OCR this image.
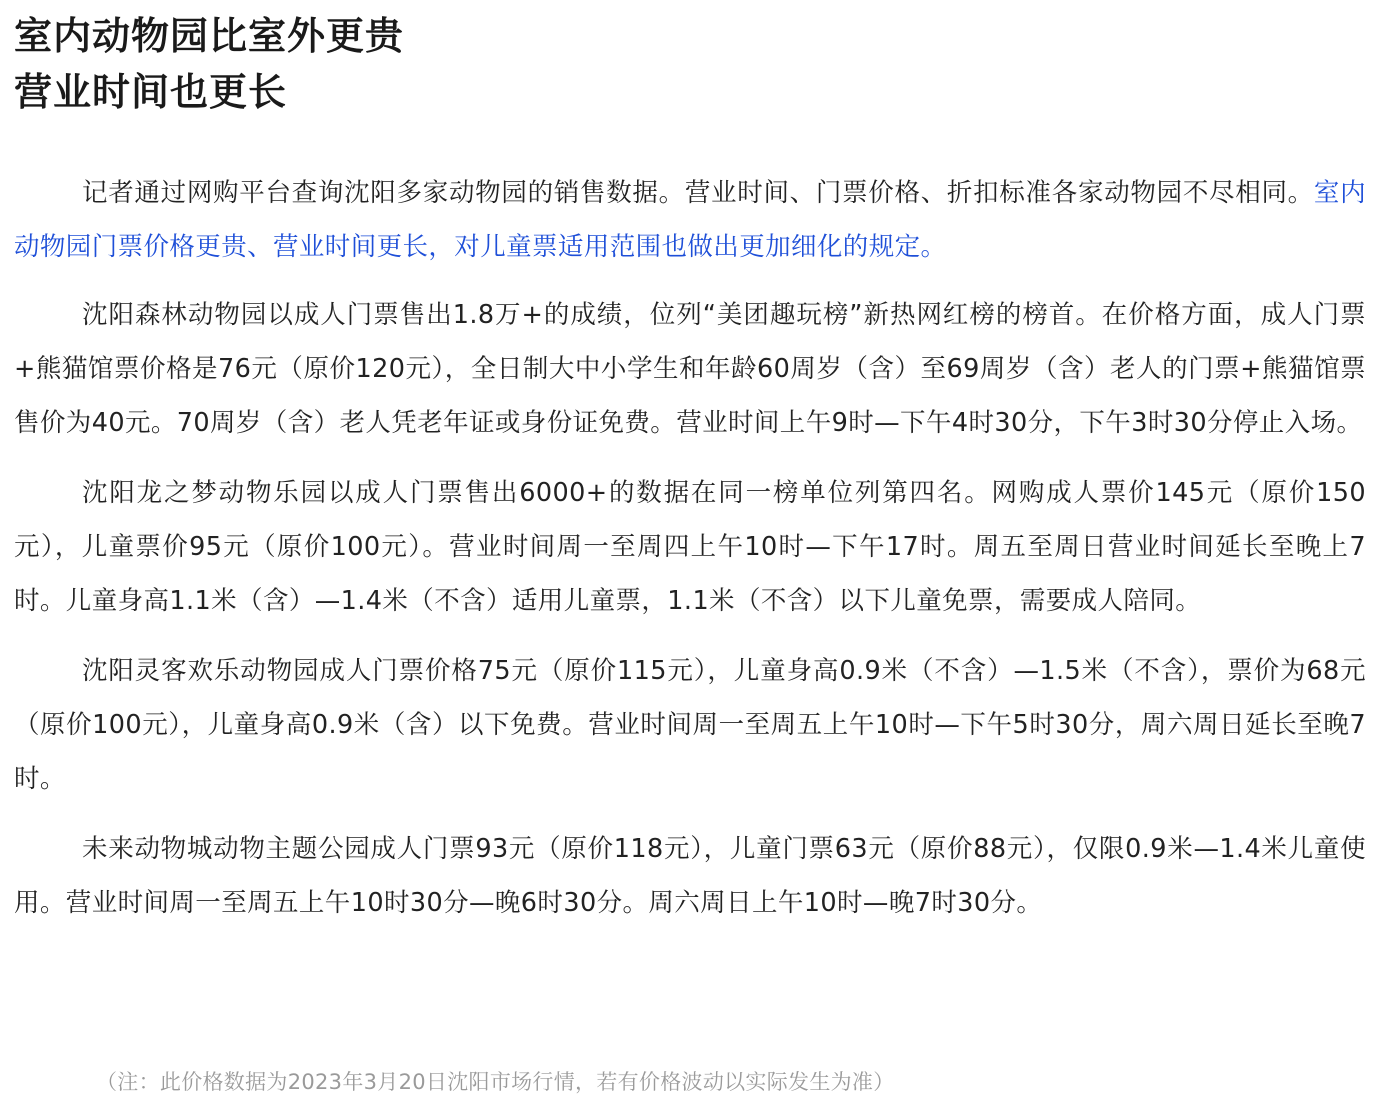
室内动物园比室外更贵
营业时间也更长

记者通过网购平台查询沈阳多家动物园的销售数据。营业时间、门票价格、折扣标准各家动物园不尽相同。室内动物园门票价格更贵、营业时间更长，对儿童票适用范围也做出更加细化的规定。

沈阳森林动物园以成人门票售出1.8万+的成绩，位列“美团趣玩榜”新热网红榜的榜首。在价格方面，成人门票+熊猫馆票价格是76元（原价120元），全日制大中小学生和年龄60周岁（含）至69周岁（含）老人的门票+熊猫馆票售价为40元。70周岁（含）老人凭老年证或身份证免费。营业时间上午9时—下午4时30分，下午3时30分停止入场。

沈阳龙之梦动物乐园以成人门票售出6000+的数据在同一榜单位列第四名。网购成人票价145元（原价150元），儿童票价95元（原价100元）。营业时间周一至周四上午10时—下午17时。周五至周日营业时间延长至晚上7时。儿童身高1.1米（含）—1.4米（不含）适用儿童票，1.1米（不含）以下儿童免票，需要成人陪同。

沈阳灵客欢乐动物园成人门票价格75元（原价115元），儿童身高0.9米（不含）—1.5米（不含），票价为68元（原价100元），儿童身高0.9米（含）以下免费。营业时间周一至周五上午10时—下午5时30分，周六周日延长至晚7时。

未来动物城动物主题公园成人门票93元（原价118元），儿童门票63元（原价88元），仅限0.9米—1.4米儿童使用。营业时间周一至周五上午10时30分—晚6时30分。周六周日上午10时—晚7时30分。

（注：此价格数据为2023年3月20日沈阳市场行情，若有价格波动以实际发生为准）
